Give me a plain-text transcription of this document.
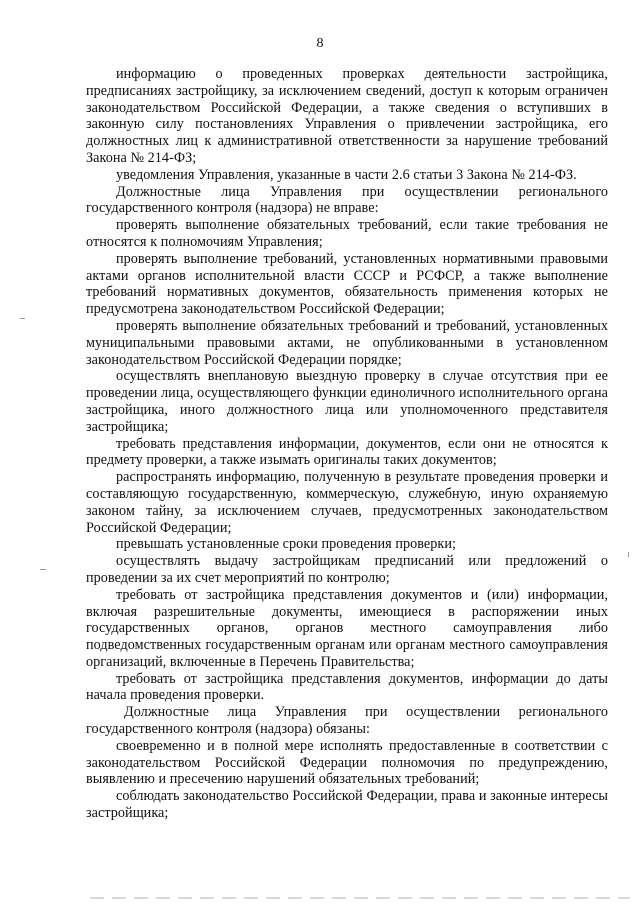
8

информацию о проведенных проверках деятельности застройщика, предписаниях застройщику, за исключением сведений, доступ к которым ограничен законодательством Российской Федерации, а также сведения о вступивших в законную силу постановлениях Управления о привлечении застройщика, его должностных лиц к административной ответственности за нарушение требований Закона № 214-ФЗ;

уведомления Управления, указанные в части 2.6 статьи 3 Закона № 214-ФЗ.

Должностные лица Управления при осуществлении регионального государственного контроля (надзора) не вправе:

проверять выполнение обязательных требований, если такие требования не относятся к полномочиям Управления;

проверять выполнение требований, установленных нормативными правовыми актами органов исполнительной власти СССР и РСФСР, а также выполнение требований нормативных документов, обязательность применения которых не предусмотрена законодательством Российской Федерации;

проверять выполнение обязательных требований и требований, установленных муниципальными правовыми актами, не опубликованными в установленном законодательством Российской Федерации порядке;

осуществлять внеплановую выездную проверку в случае отсутствия при ее проведении лица, осуществляющего функции единоличного исполнительного органа застройщика, иного должностного лица или уполномоченного представителя застройщика;

требовать представления информации, документов, если они не относятся к предмету проверки, а также изымать оригиналы таких документов;

распространять информацию, полученную в результате проведения проверки и составляющую государственную, коммерческую, служебную, иную охраняемую законом тайну, за исключением случаев, предусмотренных законодательством Российской Федерации;

превышать установленные сроки проведения проверки;

осуществлять выдачу застройщикам предписаний или предложений о проведении за их счет мероприятий по контролю;

требовать от застройщика представления документов и (или) информации, включая разрешительные документы, имеющиеся в распоряжении иных государственных органов, органов местного самоуправления либо подведомственных государственным органам или органам местного самоуправления организаций, включенные в Перечень Правительства;

требовать от застройщика представления документов, информации до даты начала проведения проверки.

Должностные лица Управления при осуществлении регионального государственного контроля (надзора) обязаны:

своевременно и в полной мере исполнять предоставленные в соответствии с законодательством Российской Федерации полномочия по предупреждению, выявлению и пресечению нарушений обязательных требований;

соблюдать законодательство Российской Федерации, права и законные интересы застройщика;
